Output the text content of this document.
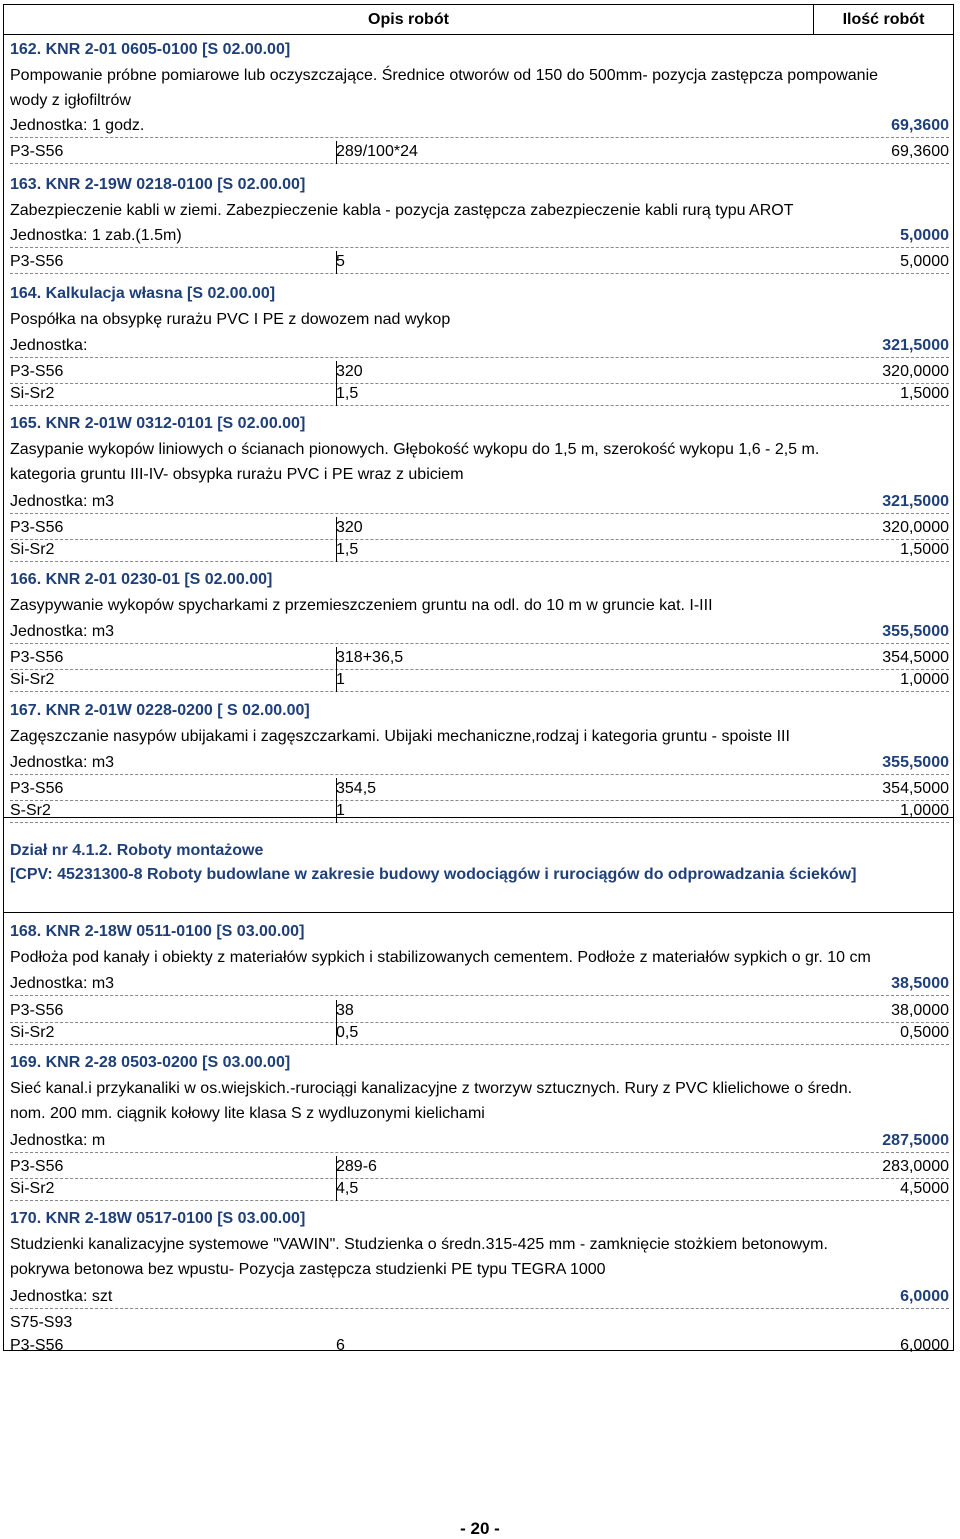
Opis robót	Ilość robót
162. KNR 2-01 0605-0100 [S 02.00.00]
Pompowanie próbne pomiarowe lub oczyszczające. Średnice otworów od 150 do 500mm- pozycja zastępcza pompowanie
wody z igłofiltrów
Jednostka: 1 godz.	69,3600
P3-S56	289/100*24	69,3600
163. KNR 2-19W 0218-0100 [S 02.00.00]
Zabezpieczenie kabli w ziemi. Zabezpieczenie kabla - pozycja zastępcza zabezpieczenie kabli rurą typu AROT
Jednostka: 1 zab.(1.5m)	5,0000
P3-S56	5	5,0000
164. Kalkulacja własna [S 02.00.00]
Pospółka na obsypkę rurażu PVC I PE z dowozem nad wykop
Jednostka:	321,5000
P3-S56	320	320,0000
Si-Sr2	1,5	1,5000
165. KNR 2-01W 0312-0101 [S 02.00.00]
Zasypanie wykopów liniowych o ścianach pionowych. Głębokość wykopu do 1,5 m, szerokość wykopu 1,6 - 2,5 m.
kategoria gruntu III-IV- obsypka rurażu PVC i PE wraz z ubiciem
Jednostka: m3	321,5000
P3-S56	320	320,0000
Si-Sr2	1,5	1,5000
166. KNR 2-01 0230-01 [S 02.00.00]
Zasypywanie wykopów spycharkami z przemieszczeniem gruntu na odl. do 10 m w gruncie kat. I-III
Jednostka: m3	355,5000
P3-S56	318+36,5	354,5000
Si-Sr2	1	1,0000
167. KNR 2-01W 0228-0200 [ S 02.00.00]
Zagęszczanie nasypów ubijakami i zagęszczarkami. Ubijaki mechaniczne,rodzaj i kategoria gruntu - spoiste III
Jednostka: m3	355,5000
P3-S56	354,5	354,5000
S-Sr2	1	1,0000
Dział nr 4.1.2. Roboty montażowe
[CPV: 45231300-8 Roboty budowlane w zakresie budowy wodociągów i rurociągów do odprowadzania ścieków]
168. KNR 2-18W 0511-0100 [S 03.00.00]
Podłoża pod kanały i obiekty z materiałów sypkich i stabilizowanych cementem. Podłoże z materiałów sypkich o gr. 10 cm
Jednostka: m3	38,5000
P3-S56	38	38,0000
Si-Sr2	0,5	0,5000
169. KNR 2-28 0503-0200 [S 03.00.00]
Sieć kanal.i przykanaliki w os.wiejskich.-rurociągi kanalizacyjne z tworzyw sztucznych. Rury z PVC klielichowe o średn.
nom. 200 mm. ciągnik kołowy lite klasa S z wydluzonymi kielichami
Jednostka: m	287,5000
P3-S56	289-6	283,0000
Si-Sr2	4,5	4,5000
170. KNR 2-18W 0517-0100 [S 03.00.00]
Studzienki kanalizacyjne systemowe "VAWIN". Studzienka o średn.315-425 mm - zamknięcie stożkiem betonowym.
pokrywa betonowa bez wpustu- Pozycja zastępcza studzienki PE typu TEGRA 1000
Jednostka: szt	6,0000
S75-S93
P3-S56	6	6,0000
- 20 -
